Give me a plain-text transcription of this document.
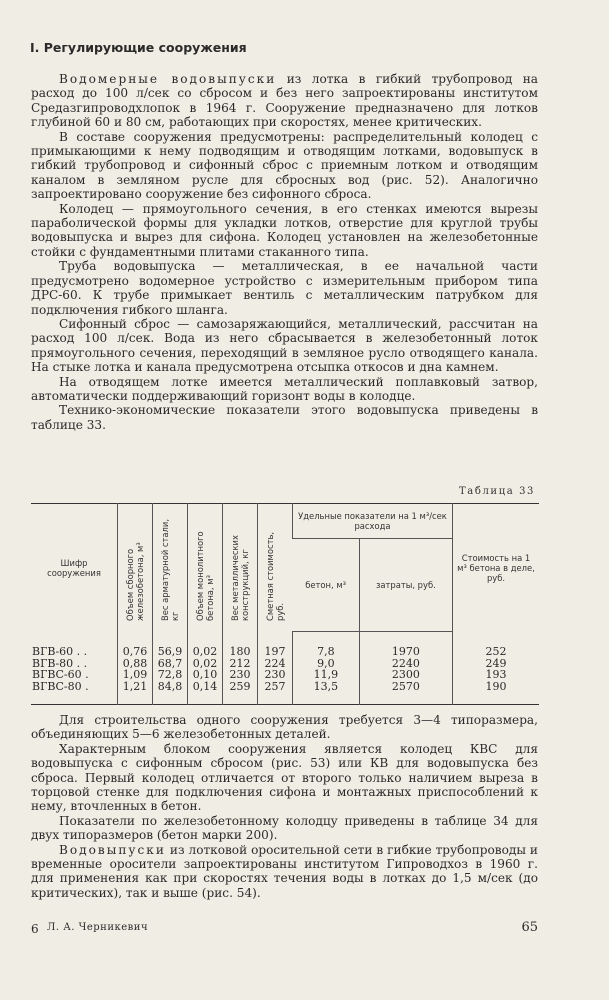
I. Регулирующие сооружения

Водомерные водовыпуски из лотка в гибкий трубопровод на расход до 100 л/сек со сбросом и без него запроектированы институтом Средазгипроводхлопок в 1964 г. Сооружение предназначено для лотков глубиной 60 и 80 см, работающих при скоростях, менее критических.

В составе сооружения предусмотрены: распределительный колодец с примыкающими к нему подводящим и отводящим лотками, водовыпуск в гибкий трубопровод и сифонный сброс с приемным лотком и отводящим каналом в земляном русле для сбросных вод (рис. 52). Аналогично запроектировано сооружение без сифонного сброса.

Колодец — прямоугольного сечения, в его стенках имеются вырезы параболической формы для укладки лотков, отверстие для круглой трубы водовыпуска и вырез для сифона. Колодец установлен на железобетонные стойки с фундаментными плитами стаканного типа.

Труба водовыпуска — металлическая, в ее начальной части предусмотрено водомерное устройство с измерительным прибором типа ДРС-60. К трубе примыкает вентиль с металлическим патрубком для подключения гибкого шланга.

Сифонный сброс — самозаряжающийся, металлический, рассчитан на расход 100 л/сек. Вода из него сбрасывается в железобетонный лоток прямоугольного сечения, переходящий в земляное русло отводящего канала. На стыке лотка и канала предусмотрена отсыпка откосов и дна камнем.

На отводящем лотке имеется металлический поплавковый затвор, автоматически поддерживающий горизонт воды в колодце.

Технико-экономические показатели этого водовыпуска приведены в таблице 33.

Таблица 33
Шифр сооружения	Объем сборного железобетона, м³	Вес арматурной стали, кг	Объем монолитного бетона, м³	Вес металлических конструкций, кг	Сметная стоимость, руб.	Удельные показатели на 1 м³/сек расхода		Стоимость на 1 м³ бетона в деле, руб.
						бетон, м³	затраты, руб.	
ВГВ-60 . .	0,76	56,9	0,02	180	197	7,8	1970	252
ВГВ-80 . .	0,88	68,7	0,02	212	224	9,0	2240	249
ВГВС-60 .	1,09	72,8	0,10	230	230	11,9	2300	193
ВГВС-80 .	1,21	84,8	0,14	259	257	13,5	2570	190

Для строительства одного сооружения требуется 3—4 типоразмера, объединяющих 5—6 железобетонных деталей.

Характерным блоком сооружения является колодец КВС для водовыпуска с сифонным сбросом (рис. 53) или КВ для водовыпуска без сброса. Первый колодец отличается от второго только наличием выреза в торцовой стенке для подключения сифона и монтажных приспособлений к нему, вточленных в бетон.

Показатели по железобетонному колодцу приведены в таблице 34 для двух типоразмеров (бетон марки 200).

Водовыпуски из лотковой оросительной сети в гибкие трубопроводы и временные оросители запроектированы институтом Гипроводхоз в 1960 г. для применения как при скоростях течения воды в лотках до 1,5 м/сек (до критических), так и выше (рис. 54).

6 Л. А. Черникевич	65
